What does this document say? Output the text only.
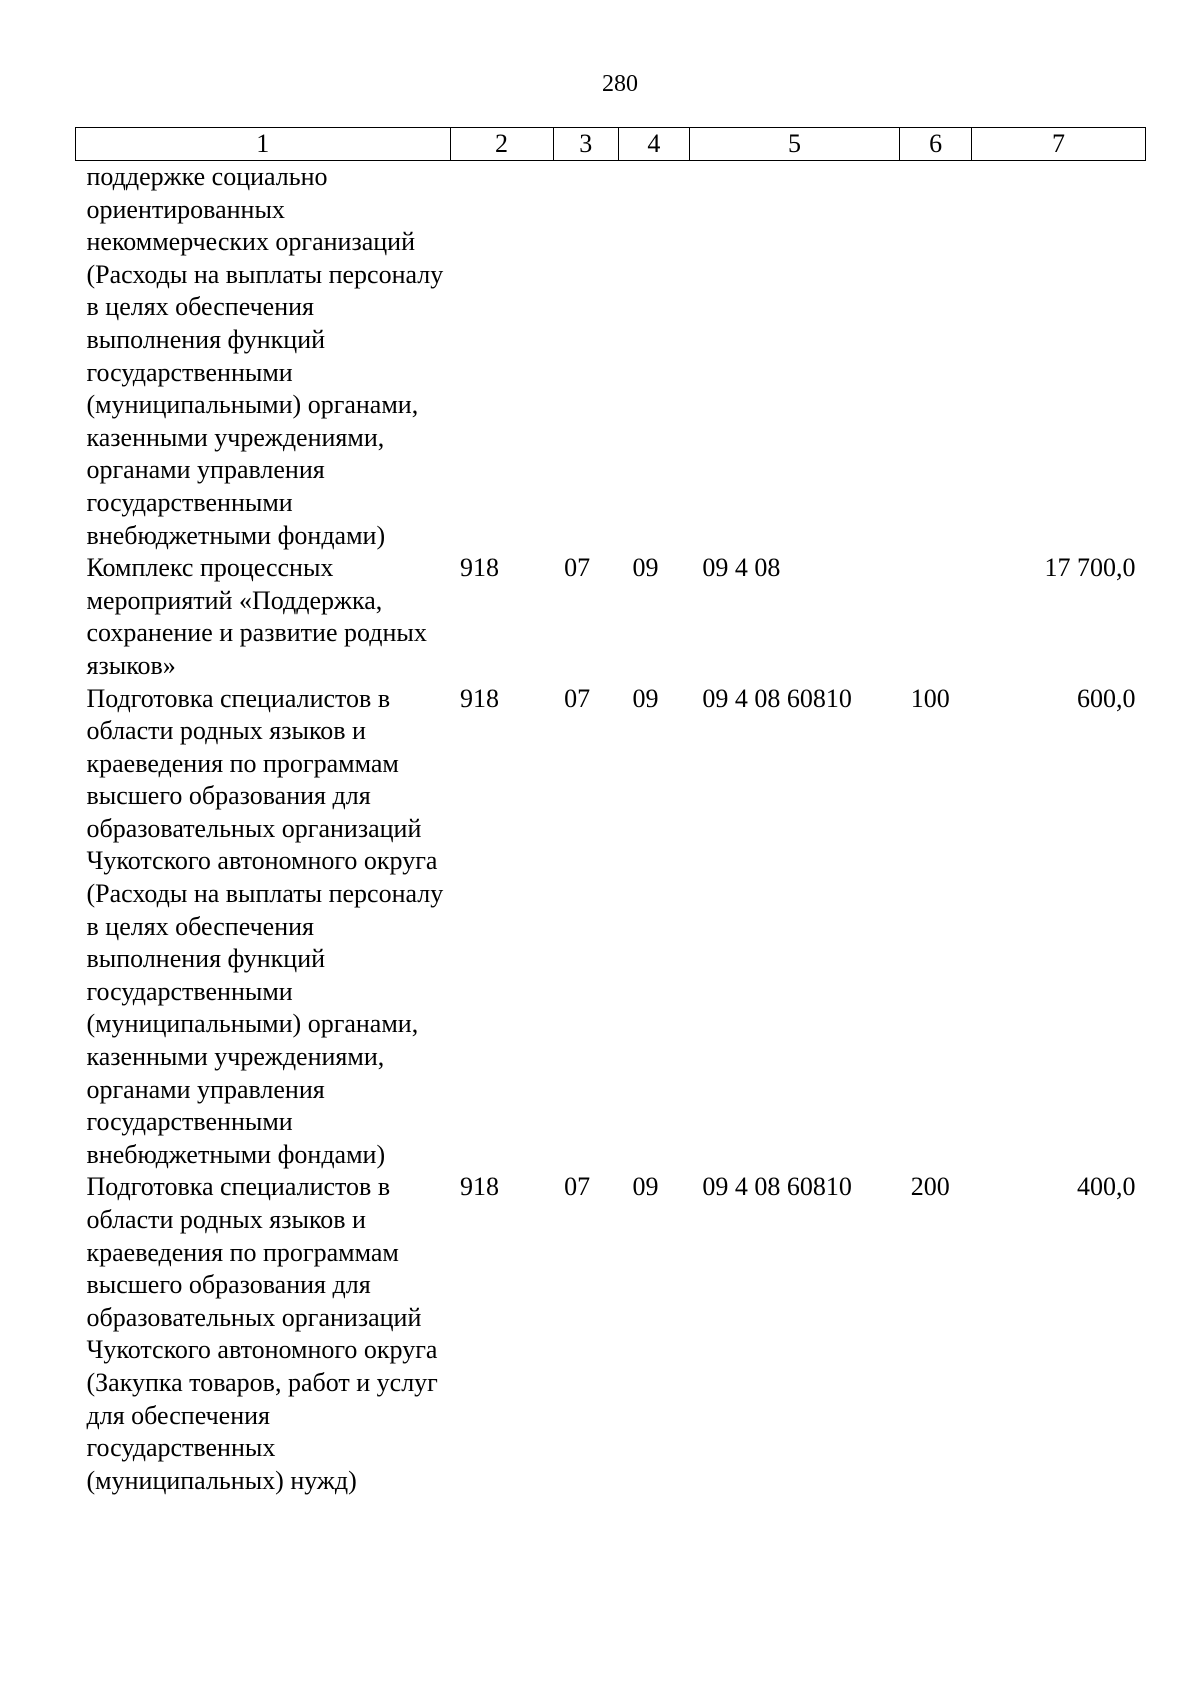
280
1	2	3	4	5	6	7
поддержке социально ориентированных некоммерческих организаций (Расходы на выплаты персоналу в целях обеспечения выполнения функций государственными (муниципальными) органами, казенными учреждениями, органами управления государственными внебюджетными фондами)						
Комплекс процессных мероприятий «Поддержка, сохранение и развитие родных языков»	918	07	09	09 4 08		17 700,0
Подготовка специалистов в области родных языков и краеведения по программам высшего образования для образовательных организаций Чукотского автономного округа (Расходы на выплаты персоналу в целях обеспечения выполнения функций государственными (муниципальными) органами, казенными учреждениями, органами управления государственными внебюджетными фондами)	918	07	09	09 4 08 60810	100	600,0
Подготовка специалистов в области родных языков и краеведения по программам высшего образования для образовательных организаций Чукотского автономного округа (Закупка товаров, работ и услуг для обеспечения государственных (муниципальных) нужд)	918	07	09	09 4 08 60810	200	400,0
